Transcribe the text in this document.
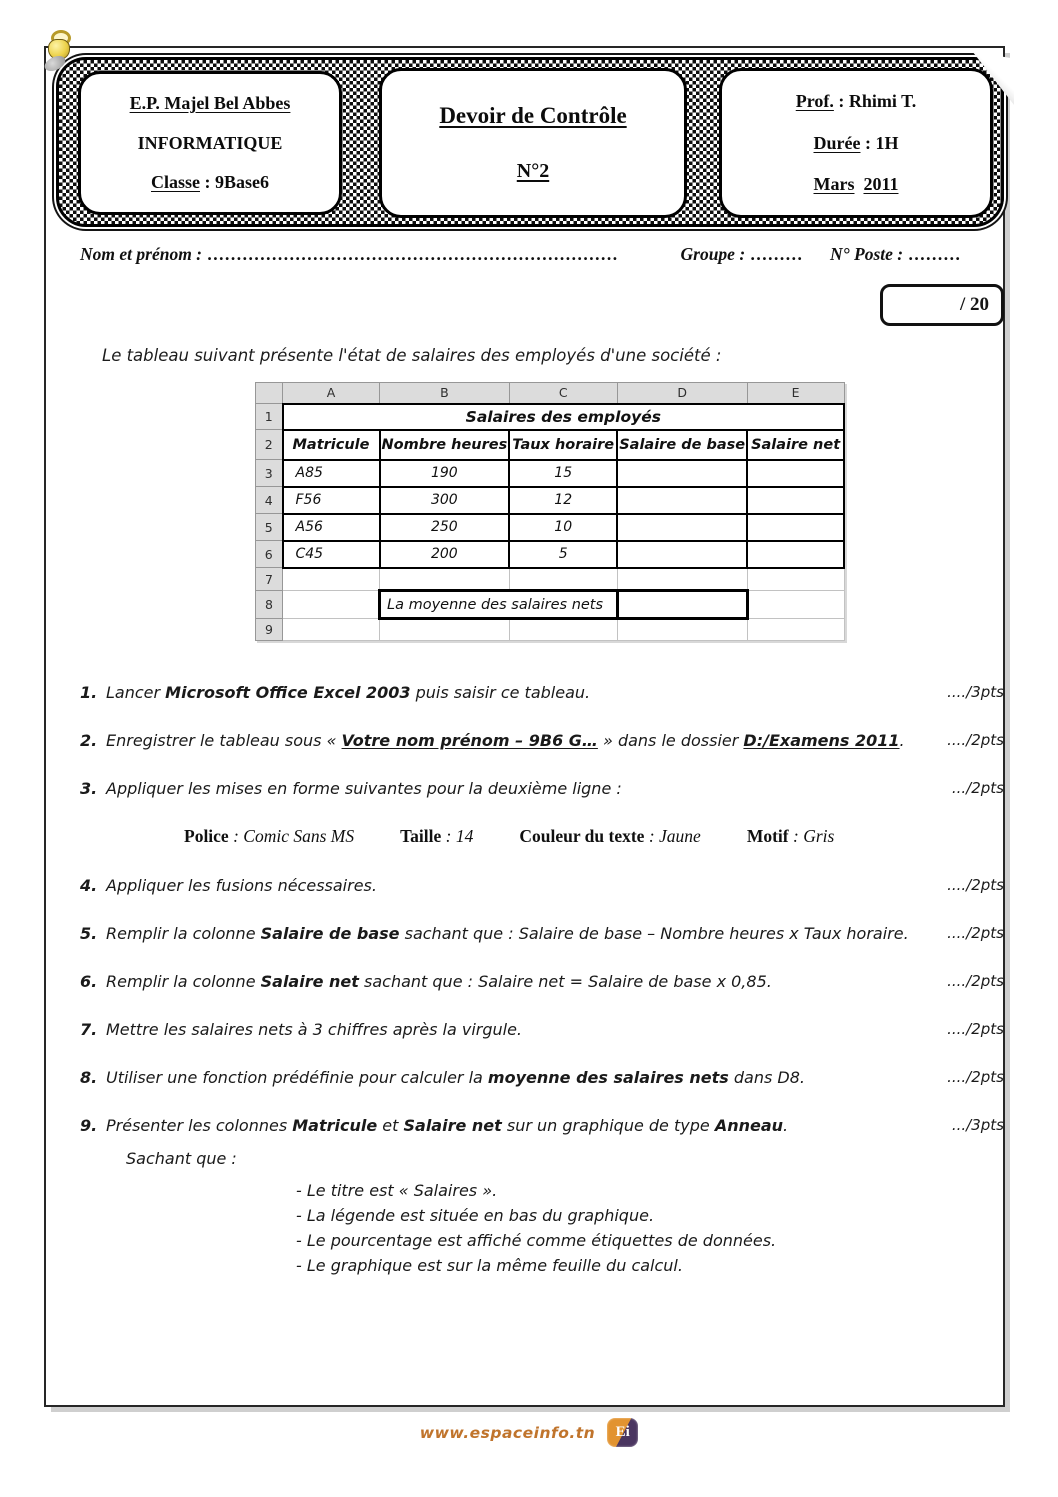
E.P. Majel Bel Abbes
INFORMATIQUE
Classe : 9Base6
Devoir de Contrôle
N°2
Prof. : Rhimi T.
Durée : 1H
Mars 2011
Nom et prénom : ......................................................................	Groupe : ......... N° Poste : .........
/ 20
Le tableau suivant présente l'état de salaires des employés d'une société :
	A	B	C	D	E
1	Salaires des employés				
2	Matricule	Nombre heures	Taux horaire	Salaire de base	Salaire net
3	A85	190	15		
4	F56	300	12		
5	A56	250	10		
6	C45	200	5		
7					
8		La moyenne des salaires nets			
9					
1. Lancer Microsoft Office Excel 2003 puis saisir ce tableau.	..../3pts
2. Enregistrer le tableau sous « Votre nom prénom – 9B6 G… » dans le dossier D:/Examens 2011.	..../2pts
3. Appliquer les mises en forme suivantes pour la deuxième ligne :	.../2pts
Police : Comic Sans MS	Taille : 14	Couleur du texte : Jaune	Motif : Gris
4. Appliquer les fusions nécessaires.	..../2pts
5. Remplir la colonne Salaire de base sachant que : Salaire de base – Nombre heures x Taux horaire.	..../2pts
6. Remplir la colonne Salaire net sachant que : Salaire net = Salaire de base x 0,85.	..../2pts
7. Mettre les salaires nets à 3 chiffres après la virgule.	..../2pts
8. Utiliser une fonction prédéfinie pour calculer la moyenne des salaires nets dans D8.	..../2pts
9. Présenter les colonnes Matricule et Salaire net sur un graphique de type Anneau.	.../3pts
Sachant que :
- Le titre est « Salaires ».
- La légende est située en bas du graphique.
- Le pourcentage est affiché comme étiquettes de données.
- Le graphique est sur la même feuille du calcul.
www.espaceinfo.tn	Ei
